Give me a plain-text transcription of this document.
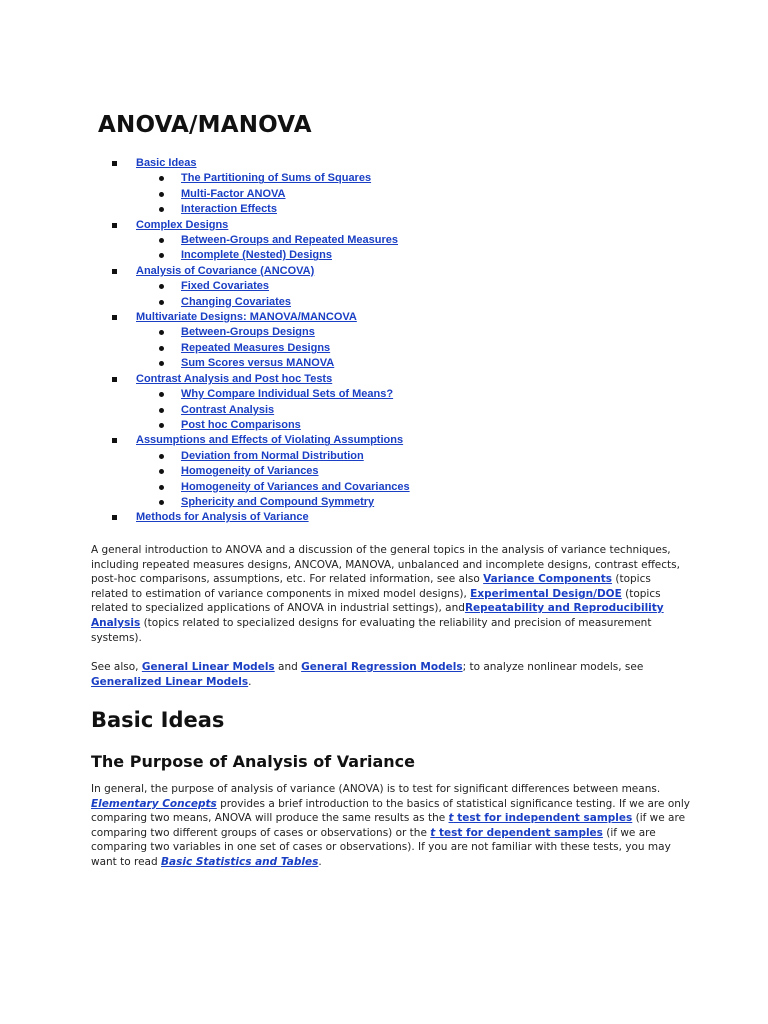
ANOVA/MANOVA
Basic Ideas
The Partitioning of Sums of Squares
Multi-Factor ANOVA
Interaction Effects
Complex Designs
Between-Groups and Repeated Measures
Incomplete (Nested) Designs
Analysis of Covariance (ANCOVA)
Fixed Covariates
Changing Covariates
Multivariate Designs: MANOVA/MANCOVA
Between-Groups Designs
Repeated Measures Designs
Sum Scores versus MANOVA
Contrast Analysis and Post hoc Tests
Why Compare Individual Sets of Means?
Contrast Analysis
Post hoc Comparisons
Assumptions and Effects of Violating Assumptions
Deviation from Normal Distribution
Homogeneity of Variances
Homogeneity of Variances and Covariances
Sphericity and Compound Symmetry
Methods for Analysis of Variance

A general introduction to ANOVA and a discussion of the general topics in the analysis of variance techniques, including repeated measures designs, ANCOVA, MANOVA, unbalanced and incomplete designs, contrast effects, post-hoc comparisons, assumptions, etc. For related information, see also Variance Components (topics related to estimation of variance components in mixed model designs), Experimental Design/DOE (topics related to specialized applications of ANOVA in industrial settings), andRepeatability and Reproducibility Analysis (topics related to specialized designs for evaluating the reliability and precision of measurement systems).

See also, General Linear Models and General Regression Models; to analyze nonlinear models, see Generalized Linear Models.

Basic Ideas
The Purpose of Analysis of Variance

In general, the purpose of analysis of variance (ANOVA) is to test for significant differences between means. Elementary Concepts provides a brief introduction to the basics of statistical significance testing. If we are only comparing two means, ANOVA will produce the same results as the t test for independent samples (if we are comparing two different groups of cases or observations) or the t test for dependent samples (if we are comparing two variables in one set of cases or observations). If you are not familiar with these tests, you may want to read Basic Statistics and Tables.
